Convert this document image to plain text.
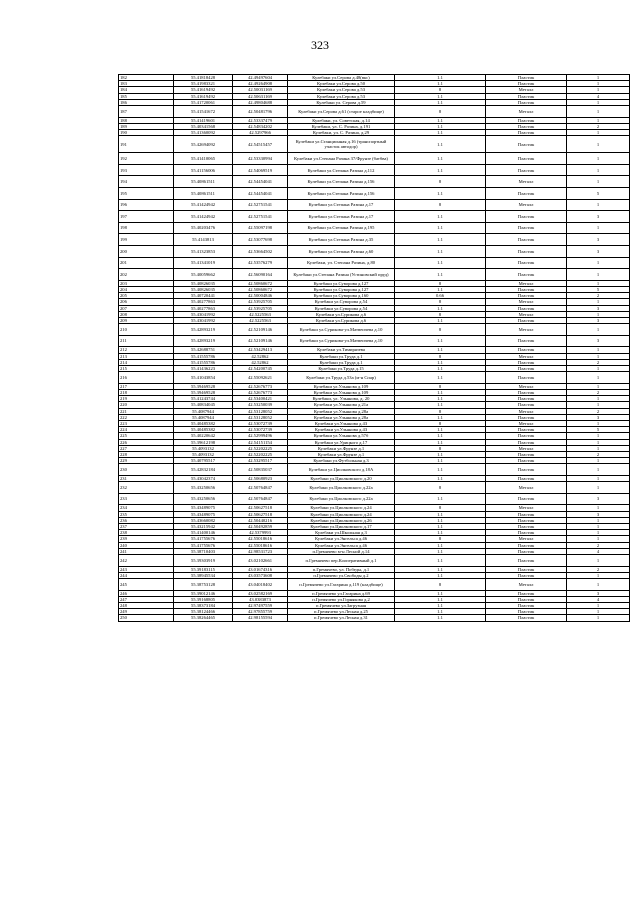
323
182	55.41818428	42.49497604	Кулебаки ул.Серова д.48(вкс)	1.1	Пластик	1
183	55.41983321	42.49264908	Кулебаки ул.Серова д.50	1.1	Пластик	1
184	55.41619492	42.50031169	Кулебаки ул.Серова д.53	8	Металл	1
185	55.41619492	42.50631169	Кулебаки ул.Серова д.53	1.1	Пластик	4
186	55.41720061	42.49804688	Кулебаки ул. Серова д.59	1.1	Пластик	1
187	55.41541672	42.50481796	Кулебаки ул.Серова д.61 (старое кладбище)	8	Металл	1
188	55.41419601	42.53337479	Кулебаки, ул. Советская, д.14	1.1	Пластик	1
189	55.40341568	42.54834202	Кулебаки, ул. С. Разина, д.191	1.1	Пластик	2
190	55.41360092	42.5297966	Кулебаки, ул. С. Разина, д.29	1.1	Пластик	1
191	55.42694092	42.54515457	Кулебаки ул.Станционная д.16 (транспортный участок автодор)	1.1	Пластик	1
192	55.41410065	42.53330994	Кулебаки ул.Степана Разина 37/Фрунзе (батбва)	1.1	Пластик	1
193	55.41156006	42.54069519	Кулебаки ул.Степана Разина д.112	1.1	Пластик	1
194	55.40861511	42.54454041	Кулебаки ул.Степана Разина д.156	8	Металл	1
195	55.40861511	42.54454041	Кулебаки ул.Степана Разина д.156	1.1	Пластик	5
196	55.41424942	42.52751541	Кулебаки ул.Степана Разина д.17	8	Металл	1
197	55.41424942	42.52751541	Кулебаки ул.Степана Разина д.17	1.1	Пластик	3
198	55.40203476	42.55097198	Кулебаки ул.Степана Разина д.195	1.1	Пластик	1
199	55.4143813	42.53077698	Кулебаки ул.Степана Разина д.35	1.1	Пластик	3
200	55.41323853	42.53664502	Кулебаки ул.Степана Разина д.60	1.1	Пластик	3
201	55.41341019	42.53576279	Кулебаки, ул. Степана Разина, д.80	1.1	Пластик	1
202	55.40059662	42.56090164	Кулебаки ул.Степана Разина (Устиновский пруд)	1.1	Пластик	1
203	55.40826035	42.50860672	Кулебаки ул.Суворова д.127	8	Металл	1
204	55.40826035	42.50860672	Кулебаки ул.Суворова д.127	1.1	Пластик	5
205	55.40720441	42.50004846	Кулебаки ул.Суворова д.160	0.66	Пластик	2
206	55.40277863	42.53925705	Кулебаки ул.Суворова д.54	8	Металл	1
207	55.40277863	42.53925705	Кулебаки ул.Суворова д.54	1.1	Пластик	3
208	55.43041992	42.5225563	Кулебаки ул.Сурикова д.6	8	Металл	1
209	55.43041992	42.5225563	Кулебаки ул.Сурикова д.6	1.1	Пластик	3
210	55.42893219	42.52109146	Кулебаки ул.Сурикова-ул.Матвеичева д.10	8	Металл	1
211	55.42893219	42.52109146	Кулебаки ул.Сурикова-ул.Матвеичева д.10	1.1	Пластик	3
212	55.42688751	42.53429413	Кулебаки ул.Тимирязева	1.1	Пластик	1
213	55.41555786	42.52862	Кулебаки ул.Труда д.1	8	Металл	1
214	55.41555786	42.52862	Кулебаки ул.Труда д.1	1.1	Пластик	2
215	55.41436223	42.54200745	Кулебаки ул.Труда д.15	1.1	Пластик	1
216	55.41043854	42.55092621	Кулебаки ул.Труда д.53а (м-н Спар)	1.1	Пластик	1
217	55.39469528	42.52676773	Кулебаки ул.Ульянова д.109	8	Металл	1
218	55.39469528	42.52676773	Кулебаки ул.Ульянова д.109	1.1	Пластик	2
219	55.41243744	42.53400421	Кулебаки, ул. Ульянова, д. 20	1.1	Пластик	1
220	55.40834045	42.53250039	Кулебаки ул.Ульянова д.21а	1.1	Пластик	1
221	55.4087944	42.53128052	Кулебаки ул.Ульянова д.28а	8	Металл	2
222	55.4087944	42.53128052	Кулебаки ул.Ульянова д.28а	1.1	Пластик	3
223	55.40485382	42.53072739	Кулебаки ул.Ульянова д.43	8	Металл	1
224	55.40485382	42.53072739	Кулебаки ул.Ульянова д.43	1.1	Пластик	5
225	55.40220642	42.52999496	Кулебаки ул.Ульянова д.57б	1.1	Пластик	1
226	55.39612198	42.54151154	Кулебаки ул.Урицкого д.17	1.1	Пластик	1
227	55.4093132	42.52202225	Кулебаки ул.Фрунзе д.1	8	Металл	1
228	55.4093132	42.52202225	Кулебаки ул.Фрунзе д.1	1.1	Пластик	2
229	55.40795517	42.53295517	Кулебаки ул.Футбольная д.3	1.1	Пластик	1
230	55.42832184	42.50835037	Кулебаки ул.Циолковского д.18А	1.1	Пластик	1
231	55.43042374	42.50680923	Кулебаки ул.Циолковского д.20	1.1	Пластик	1
232	55.43250656	42.50764847	Кулебаки ул.Циолковского д.22а	8	Металл	1
233	55.43250656	42.50764847	Кулебаки ул.Циолковского д.22а	1.1	Пластик	3
234	55.43489075	42.50627518	Кулебаки ул.Циолковского д.24	8	Металл	1
235	55.43489075	42.50627518	Кулебаки ул.Циолковского д.24	1.1	Пластик	3
236	55.43660082	42.50440216	Кулебаки ул.Циолковского д.26	1.1	Пластик	1
237	55.43215942	42.50492859	Кулебаки ул.Циолковского д.17	1.1	Пластик	1
238	55.41400146	42.5379993	Кулебаки ул.Школьная д.3	1.1	Пластик	1
239	55.41755676	42.55018616	Кулебаки ул.Энгельса д.46	8	Металл	1
240	55.41755676	42.55018616	Кулебаки ул.Энгельса д.46	1.1	Пластик	2
241	55.38710403	42.98531723	п.Гремячево м-н Лесной д.14	1.1	Пластик	4
242	55.39303919	43.02102661	п.Гремячево пер.Кооперативный д.1	1.1	Пластик	1
243	55.39183115	43.01674316	п.Гремячево, ул. Победы, д.1	1.1	Пластик	2
244	55.38945534	43.03573608	п.Гремячево ул.Свободы д.2	1.1	Пластик	1
245	55.38753128	43.04018402	п.Гремячево ул.Гагарина д.119 (кладбище)	8	Металл	1
246	55.39012146	43.02582169	п.Гремячево ул.Гагарина д.69	1.1	Пластик	3
247	55.39168805	43.0383873	п.Гремячево ул.Горнякова д.2	1.1	Пластик	4
248	55.38373184	42.97497559	п.Гремячево ул.Загрузная	1.1	Пластик	1
249	55.38124466	42.97855759	п.Гремячево ул.Лесная д.25	1.1	Пластик	1
250	55.38264465	42.98155594	п.Гремячево ул.Лесная д.31	1.1	Пластик	1
